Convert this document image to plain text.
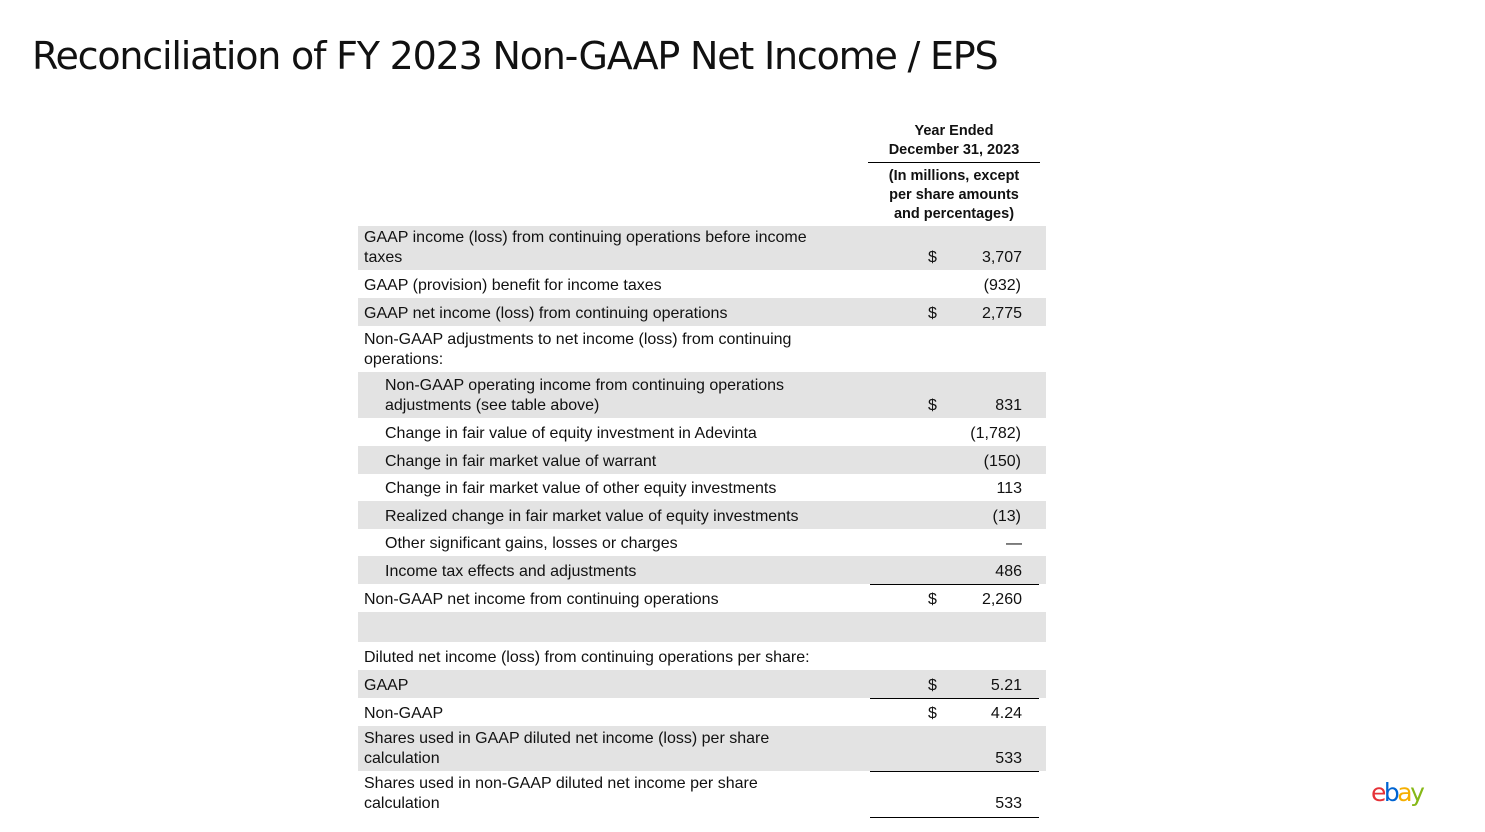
Reconciliation of FY 2023 Non-GAAP Net Income / EPS
Year Ended
December 31, 2023
(In millions, except
per share amounts
and percentages)
GAAP income (loss) from continuing operations before income
taxes	$	3,707
GAAP (provision) benefit for income taxes	(932)
GAAP net income (loss) from continuing operations	$	2,775
Non-GAAP adjustments to net income (loss) from continuing
operations:
Non-GAAP operating income from continuing operations
adjustments (see table above)	$	831
Change in fair value of equity investment in Adevinta	(1,782)
Change in fair market value of warrant	(150)
Change in fair market value of other equity investments	113
Realized change in fair market value of equity investments	(13)
Other significant gains, losses or charges	—
Income tax effects and adjustments	486
Non-GAAP net income from continuing operations	$	2,260
Diluted net income (loss) from continuing operations per share:
GAAP	$	5.21
Non-GAAP	$	4.24
Shares used in GAAP diluted net income (loss) per share
calculation	533
Shares used in non-GAAP diluted net income per share
calculation	533	ebay
